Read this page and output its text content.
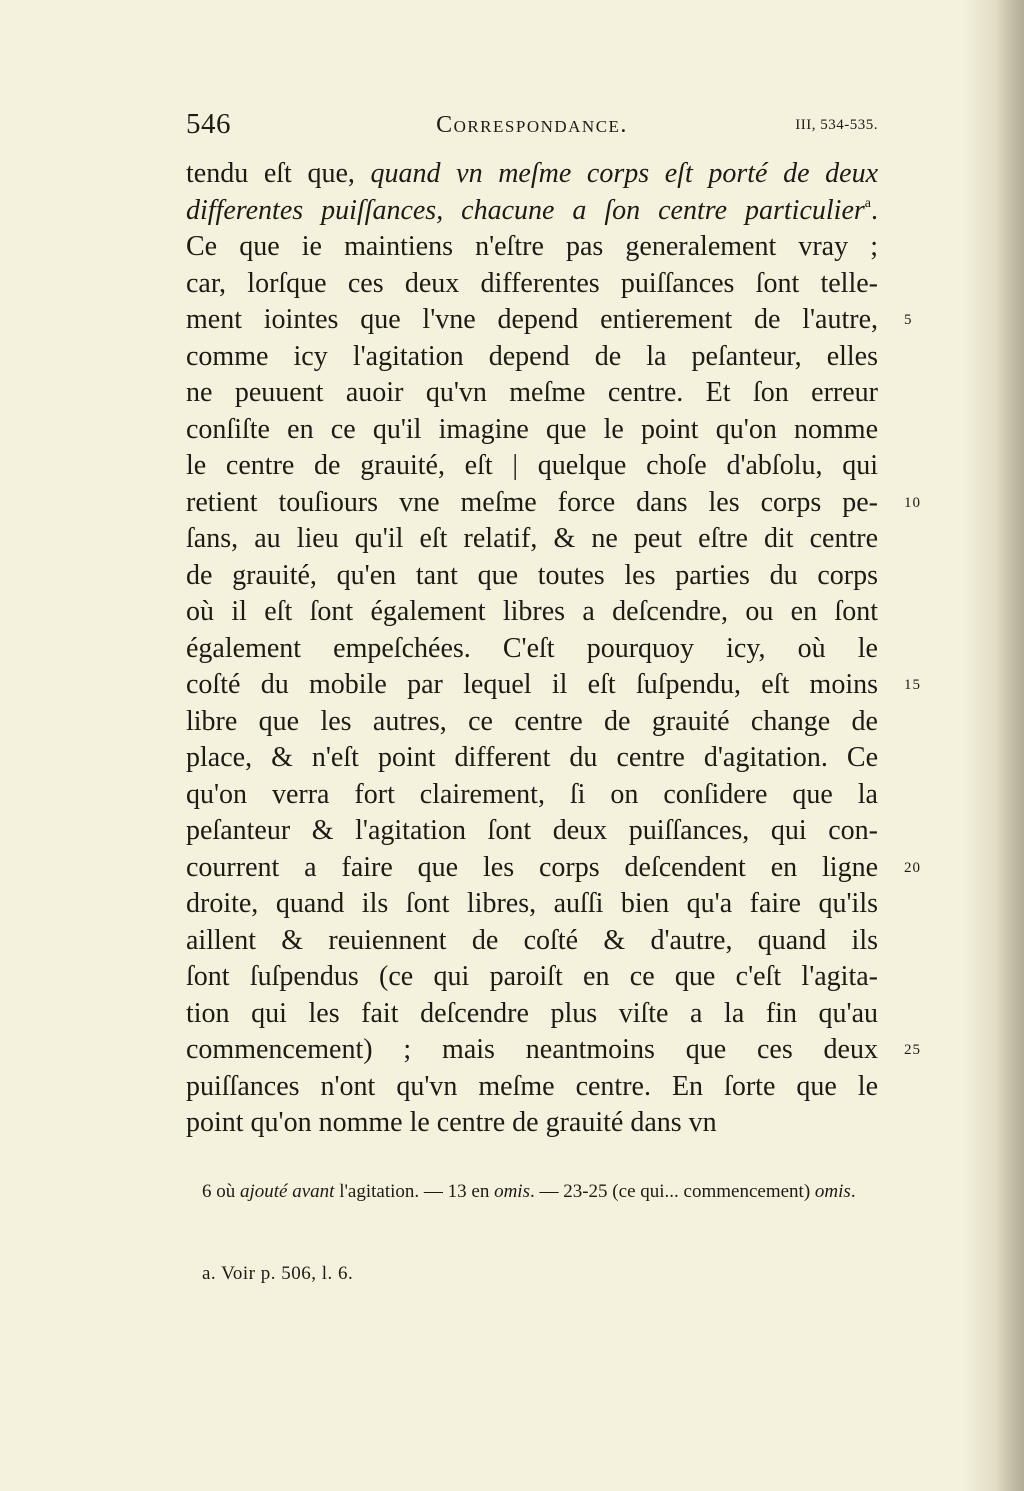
546	Correspondance.	III, 534-535.
tendu eſt que, quand vn meſme corps eſt porté de deux
differentes puiſſances, chacune a ſon centre particulier$^a$.
Ce que ie maintiens n'eſtre pas generalement vray ;
car, lorſque ces deux differentes puiſſances ſont telle-
ment iointes que l'vne depend entierement de l'autre, 5
comme icy l'agitation depend de la peſanteur, elles
ne peuuent auoir qu'vn meſme centre. Et ſon erreur
conſiſte en ce qu'il imagine que le point qu'on nomme
le centre de grauité, eſt | quelque choſe d'abſolu, qui
retient touſiours vne meſme force dans les corps pe- 10
ſans, au lieu qu'il eſt relatif, & ne peut eſtre dit centre
de grauité, qu'en tant que toutes les parties du corps
où il eſt ſont également libres a deſcendre, ou en ſont
également empeſchées. C'eſt pourquoy icy, où le
coſté du mobile par lequel il eſt ſuſpendu, eſt moins 15
libre que les autres, ce centre de grauité change de
place, & n'eſt point different du centre d'agitation. Ce
qu'on verra fort clairement, ſi on conſidere que la
peſanteur & l'agitation ſont deux puiſſances, qui con-
courrent a faire que les corps deſcendent en ligne 20
droite, quand ils ſont libres, auſſi bien qu'a faire qu'ils
aillent & reuiennent de coſté & d'autre, quand ils
ſont ſuſpendus (ce qui paroiſt en ce que c'eſt l'agita-
tion qui les fait deſcendre plus viſte a la fin qu'au
commencement) ; mais neantmoins que ces deux 25
puiſſances n'ont qu'vn meſme centre. En ſorte que le
point qu'on nomme le centre de grauité dans vn
6 où ajouté avant l'agitation. — 13 en omis. — 23-25 (ce qui... commencement) omis.
a. Voir p. 506, l. 6.
